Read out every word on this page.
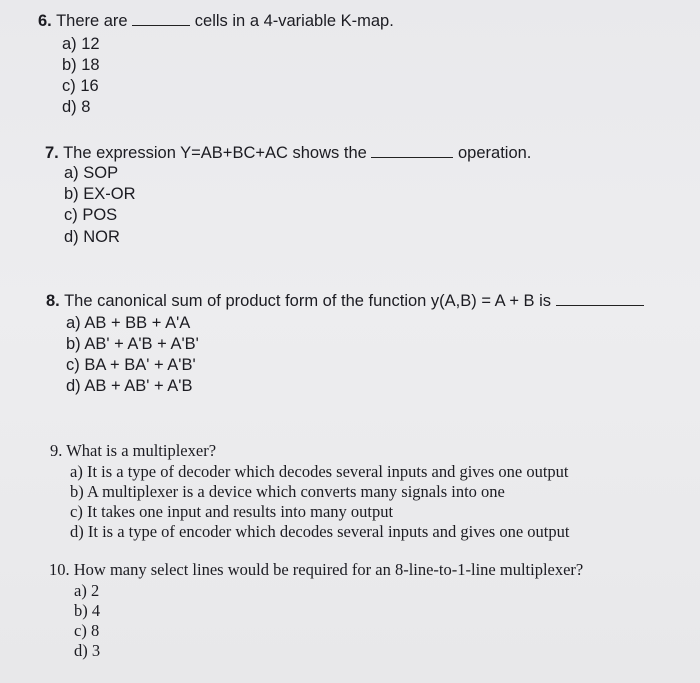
6. There are	cells in a 4-variable K-map.
a) 12
b) 18
c) 16
d) 8
7. The expression Y=AB+BC+AC shows the	operation.
a) SOP
b) EX-OR
c) POS
d) NOR
8. The canonical sum of product form of the function y(A,B) = A + B is
a) AB + BB + A'A
b) AB' + A'B + A'B'
c) BA + BA' + A'B'
d) AB + AB' + A'B
9. What is a multiplexer?
a) It is a type of decoder which decodes several inputs and gives one output
b) A multiplexer is a device which converts many signals into one
c) It takes one input and results into many output
d) It is a type of encoder which decodes several inputs and gives one output
10. How many select lines would be required for an 8-line-to-1-line multiplexer?
a) 2
b) 4
c) 8
d) 3
